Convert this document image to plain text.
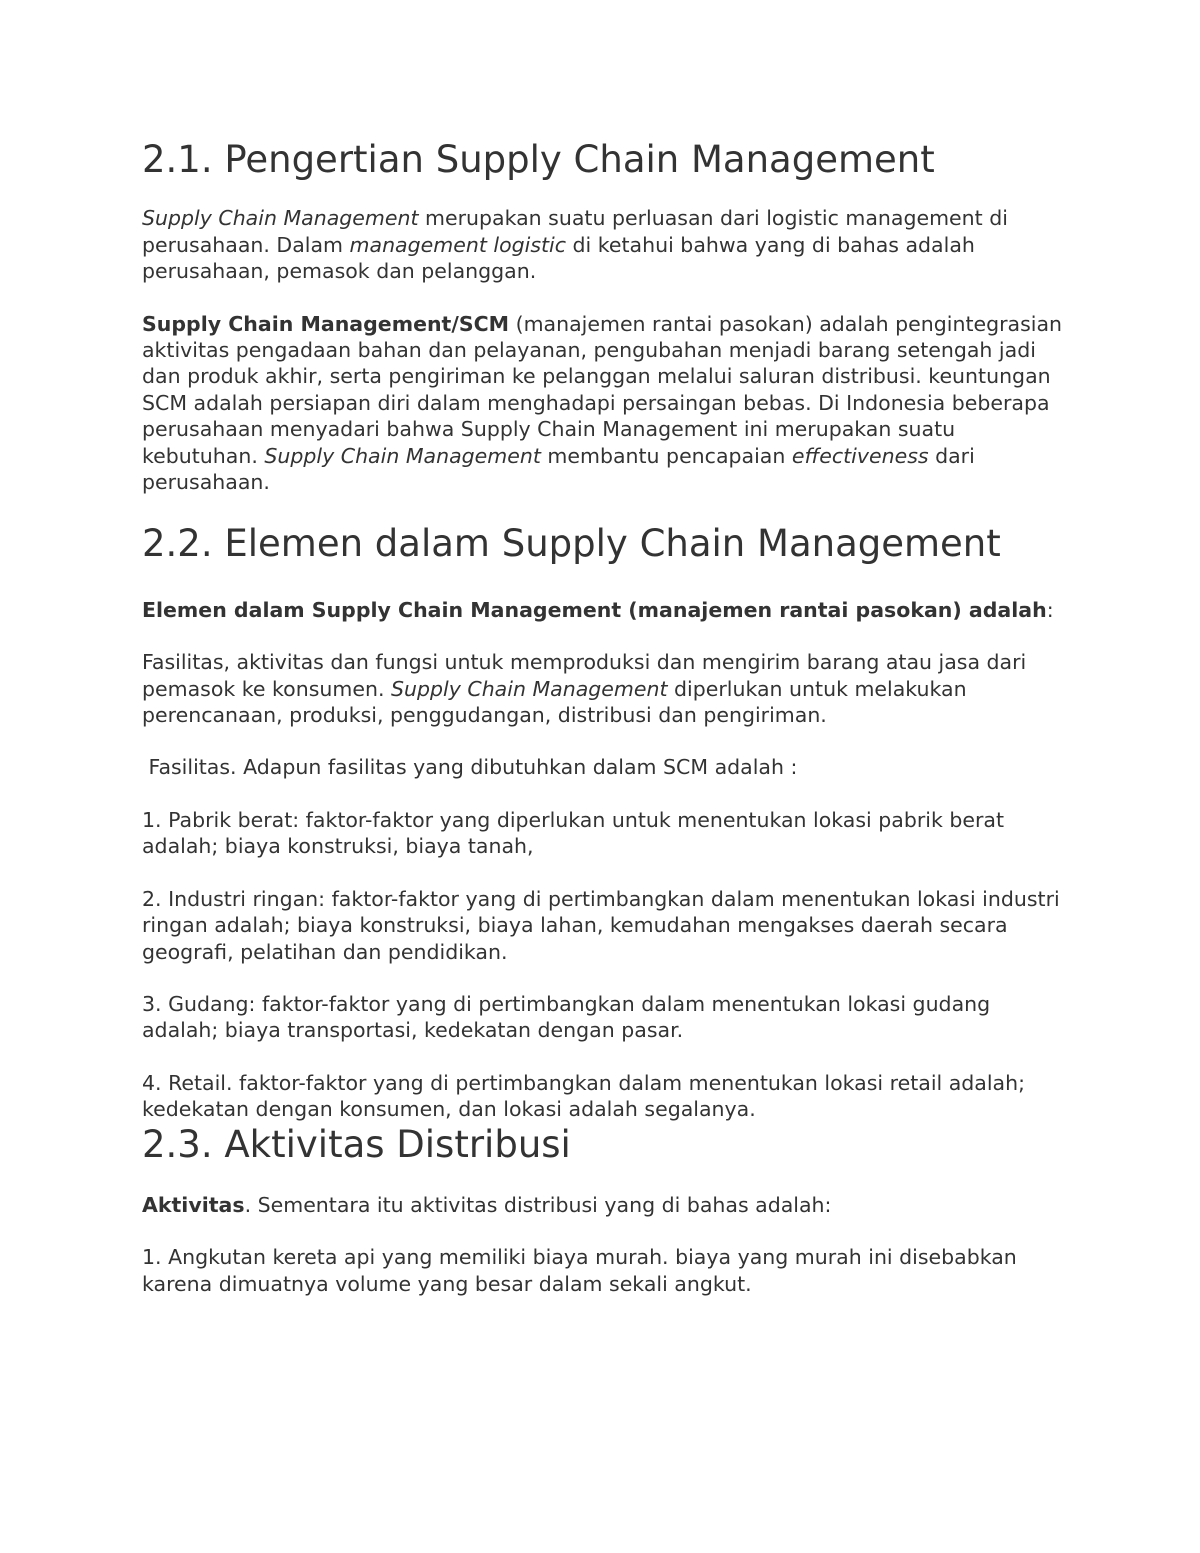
2.1. Pengertian Supply Chain Management

Supply Chain Management merupakan suatu perluasan dari logistic management di perusahaan. Dalam management logistic di ketahui bahwa yang di bahas adalah perusahaan, pemasok dan pelanggan.

Supply Chain Management/SCM (manajemen rantai pasokan) adalah pengintegrasian aktivitas pengadaan bahan dan pelayanan, pengubahan menjadi barang setengah jadi dan produk akhir, serta pengiriman ke pelanggan melalui saluran distribusi. keuntungan SCM adalah persiapan diri dalam menghadapi persaingan bebas. Di Indonesia beberapa perusahaan menyadari bahwa Supply Chain Management ini merupakan suatu kebutuhan. Supply Chain Management membantu pencapaian effectiveness dari perusahaan.

2.2. Elemen dalam Supply Chain Management

Elemen dalam Supply Chain Management (manajemen rantai pasokan) adalah:

Fasilitas, aktivitas dan fungsi untuk memproduksi dan mengirim barang atau jasa dari pemasok ke konsumen. Supply Chain Management diperlukan untuk melakukan perencanaan, produksi, penggudangan, distribusi dan pengiriman.

Fasilitas. Adapun fasilitas yang dibutuhkan dalam SCM adalah :

1. Pabrik berat: faktor-faktor yang diperlukan untuk menentukan lokasi pabrik berat adalah; biaya konstruksi, biaya tanah,

2. Industri ringan: faktor-faktor yang di pertimbangkan dalam menentukan lokasi industri ringan adalah; biaya konstruksi, biaya lahan, kemudahan mengakses daerah secara geografi, pelatihan dan pendidikan.

3. Gudang: faktor-faktor yang di pertimbangkan dalam menentukan lokasi gudang adalah; biaya transportasi, kedekatan dengan pasar.

4. Retail. faktor-faktor yang di pertimbangkan dalam menentukan lokasi retail adalah; kedekatan dengan konsumen, dan lokasi adalah segalanya.

2.3. Aktivitas Distribusi

Aktivitas. Sementara itu aktivitas distribusi yang di bahas adalah:

1. Angkutan kereta api yang memiliki biaya murah. biaya yang murah ini disebabkan karena dimuatnya volume yang besar dalam sekali angkut.
